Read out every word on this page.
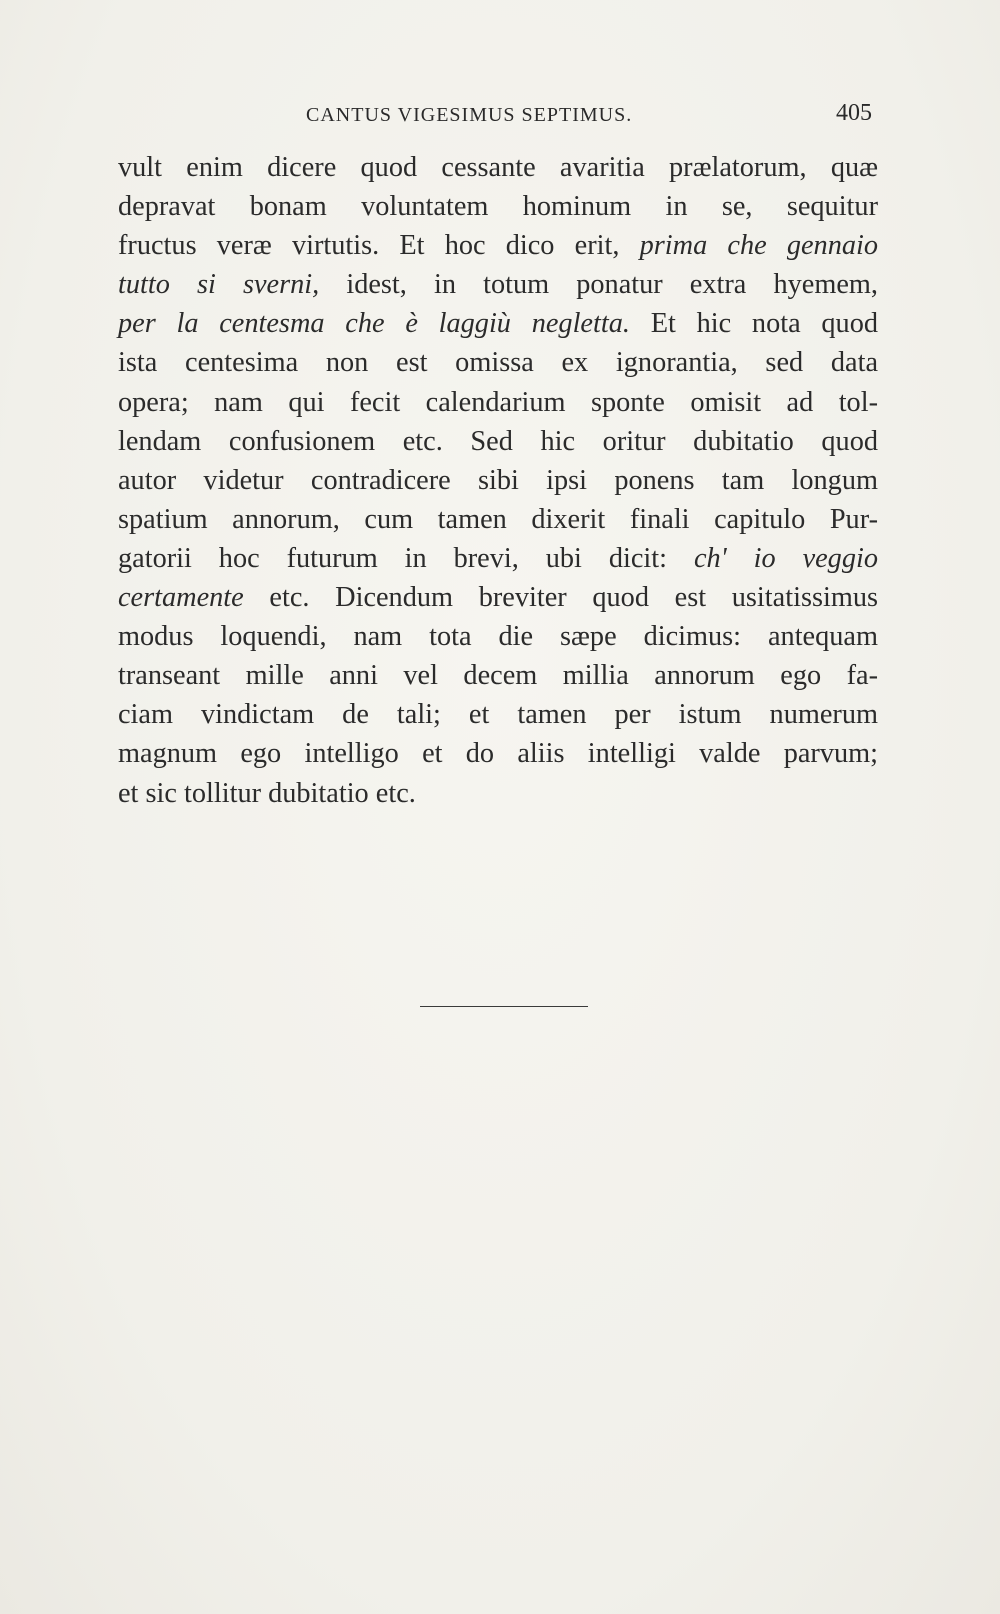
CANTUS VIGESIMUS SEPTIMUS.	405
vult enim dicere quod cessante avaritia prælatorum, quæ
depravat bonam voluntatem hominum in se, sequitur
fructus veræ virtutis. Et hoc dico erit, prima che gennaio
tutto si sverni, idest, in totum ponatur extra hyemem,
per la centesma che è laggiù negletta. Et hic nota quod
ista centesima non est omissa ex ignorantia, sed data
opera; nam qui fecit calendarium sponte omisit ad tol-
lendam confusionem etc. Sed hic oritur dubitatio quod
autor videtur contradicere sibi ipsi ponens tam longum
spatium annorum, cum tamen dixerit finali capitulo Pur-
gatorii hoc futurum in brevi, ubi dicit: ch' io veggio
certamente etc. Dicendum breviter quod est usitatissimus
modus loquendi, nam tota die sæpe dicimus: antequam
transeant mille anni vel decem millia annorum ego fa-
ciam vindictam de tali; et tamen per istum numerum
magnum ego intelligo et do aliis intelligi valde parvum;
et sic tollitur dubitatio etc.
